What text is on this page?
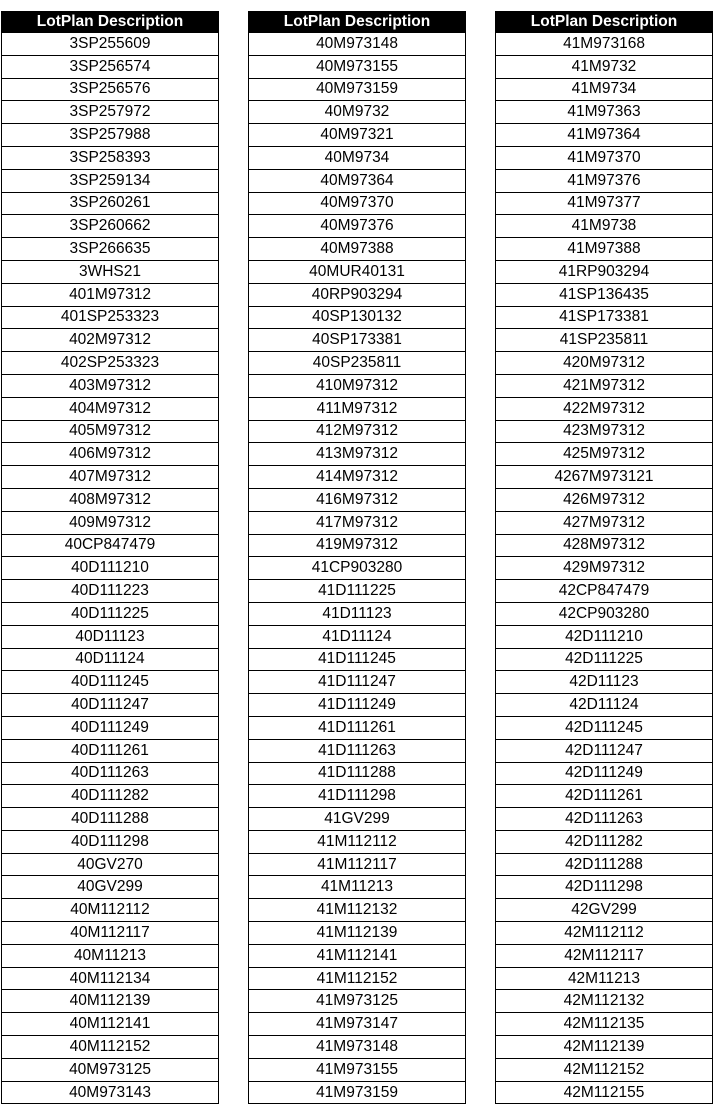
LotPlan Description
3SP255609
3SP256574
3SP256576
3SP257972
3SP257988
3SP258393
3SP259134
3SP260261
3SP260662
3SP266635
3WHS21
401M97312
401SP253323
402M97312
402SP253323
403M97312
404M97312
405M97312
406M97312
407M97312
408M97312
409M97312
40CP847479
40D111210
40D111223
40D111225
40D11123
40D11124
40D111245
40D111247
40D111249
40D111261
40D111263
40D111282
40D111288
40D111298
40GV270
40GV299
40M112112
40M112117
40M11213
40M112134
40M112139
40M112141
40M112152
40M973125
40M973143
LotPlan Description
40M973148
40M973155
40M973159
40M9732
40M97321
40M9734
40M97364
40M97370
40M97376
40M97388
40MUR40131
40RP903294
40SP130132
40SP173381
40SP235811
410M97312
411M97312
412M97312
413M97312
414M97312
416M97312
417M97312
419M97312
41CP903280
41D111225
41D11123
41D11124
41D111245
41D111247
41D111249
41D111261
41D111263
41D111288
41D111298
41GV299
41M112112
41M112117
41M11213
41M112132
41M112139
41M112141
41M112152
41M973125
41M973147
41M973148
41M973155
41M973159
LotPlan Description
41M973168
41M9732
41M9734
41M97363
41M97364
41M97370
41M97376
41M97377
41M9738
41M97388
41RP903294
41SP136435
41SP173381
41SP235811
420M97312
421M97312
422M97312
423M97312
425M97312
4267M973121
426M97312
427M97312
428M97312
429M97312
42CP847479
42CP903280
42D111210
42D111225
42D11123
42D11124
42D111245
42D111247
42D111249
42D111261
42D111263
42D111282
42D111288
42D111298
42GV299
42M112112
42M112117
42M11213
42M112132
42M112135
42M112139
42M112152
42M112155
